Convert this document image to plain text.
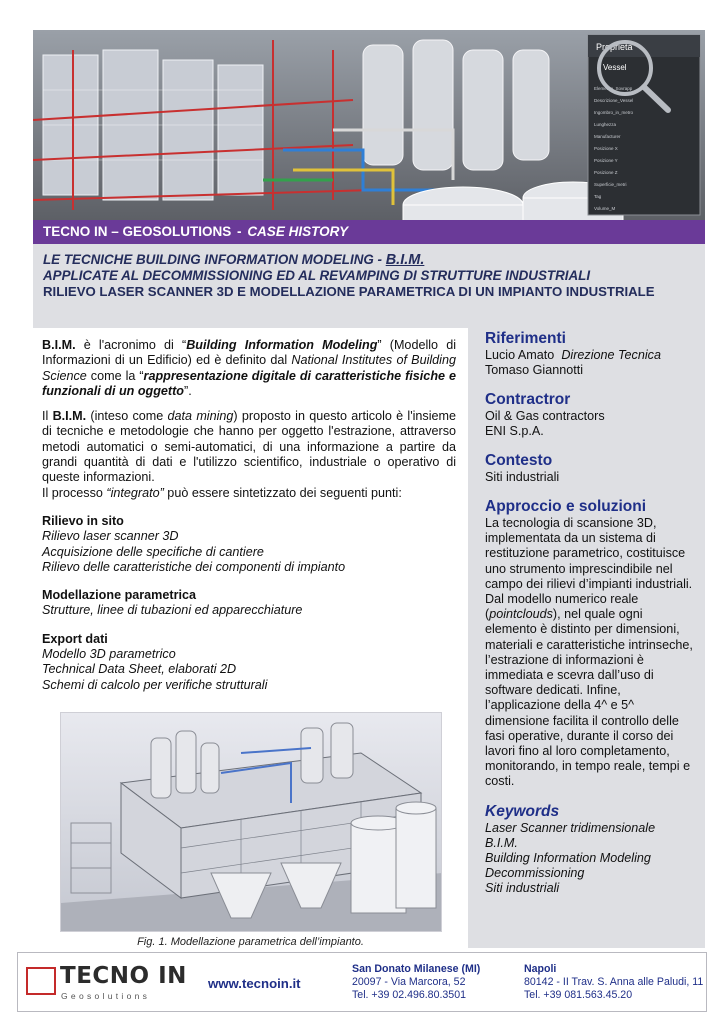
Proprietà
Vessel
Elemento_Sovrapp
Descrizione_Vessel
Ingombro_in_metro
Lunghezza
Manufacturer
Posizione X
Posizione Y
Posizione Z
Superficie_metri
Tag
Volume_M
TECNO IN – GEOSOLUTIONS - CASE HISTORY
LE TECNICHE BUILDING INFORMATION MODELING - B.I.M.
APPLICATE AL DECOMMISSIONING ED AL REVAMPING DI STRUTTURE INDUSTRIALI
RILIEVO LASER SCANNER 3D E MODELLAZIONE PARAMETRICA DI UN IMPIANTO INDUSTRIALE

B.I.M. è l'acronimo di “Building Information Modeling” (Modello di Informazioni di un Edificio) ed è definito dal National Institutes of Building Science come la “rappresentazione digitale di caratteristiche fisiche e funzionali di un oggetto”.

Il B.I.M. (inteso come data mining) proposto in questo articolo è l'insieme di tecniche e metodologie che hanno per oggetto l'estrazione, attraverso metodi automatici o semi-automatici, di una informazione a partire da grandi quantità di dati e l'utilizzo scientifico, industriale o operativo di queste informazioni.

Il processo “integrato” può essere sintetizzato dei seguenti punti:

Rilievo in sito
Rilievo laser scanner 3D
Acquisizione delle specifiche di cantiere
Rilievo delle caratteristiche dei componenti di impianto
Modellazione parametrica
Strutture, linee di tubazioni ed apparecchiature
Export dati
Modello 3D parametrico
Technical Data Sheet, elaborati 2D
Schemi di calcolo per verifiche strutturali
Fig. 1. Modellazione parametrica dell’impianto.
Riferimenti
Lucio Amato Direzione Tecnica
Tomaso Giannotti
Contractror
Oil & Gas contractors
ENI S.p.A.
Contesto
Siti industriali
Approccio e soluzioni
La tecnologia di scansione 3D, implementata da un sistema di restituzione parametrico, costituisce uno strumento imprescindibile nel campo dei rilievi d’impianti industriali. Dal modello numerico reale (pointclouds), nel quale ogni elemento è distinto per dimensioni, materiali e caratteristiche intrinseche, l’estrazione di informazioni è immediata e scevra dall’uso di software dedicati. Infine, l’applicazione della 4^ e 5^ dimensione facilita il controllo delle fasi operative, durante il corso dei lavori fino al loro completamento, monitorando, in tempo reale, tempi e costi.
Keywords
Laser Scanner tridimensionale
B.I.M.
Building Information Modeling
Decommissioning
Siti industriali
TECNO IN
Geosolutions
www.tecnoin.it
San Donato Milanese (MI)
20097 - Via Marcora, 52
Tel. +39 02.496.80.3501
Napoli
80142 - II Trav. S. Anna alle Paludi, 11
Tel. +39 081.563.45.20
